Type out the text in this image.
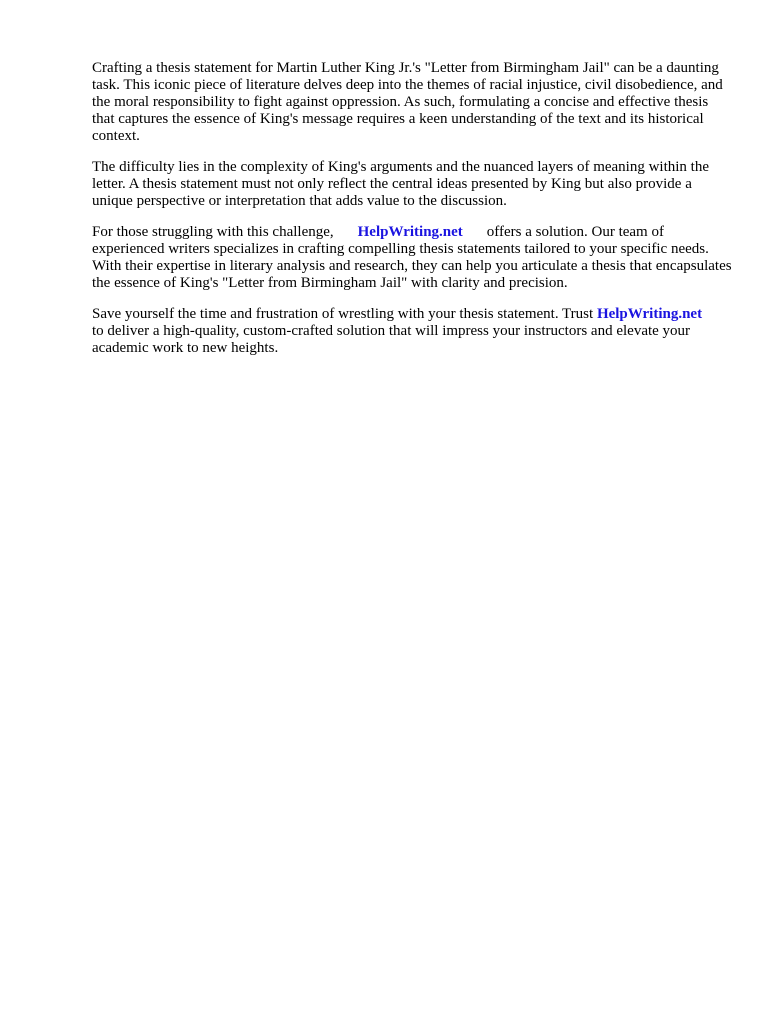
Crafting a thesis statement for Martin Luther King Jr.'s "Letter from Birmingham Jail" can be a daunting task. This iconic piece of literature delves deep into the themes of racial injustice, civil disobedience, and the moral responsibility to fight against oppression. As such, formulating a concise and effective thesis that captures the essence of King's message requires a keen understanding of the text and its historical context.

The difficulty lies in the complexity of King's arguments and the nuanced layers of meaning within the letter. A thesis statement must not only reflect the central ideas presented by King but also provide a unique perspective or interpretation that adds value to the discussion.

For those struggling with this challenge, HelpWriting.net offers a solution. Our team of experienced writers specializes in crafting compelling thesis statements tailored to your specific needs. With their expertise in literary analysis and research, they can help you articulate a thesis that encapsulates the essence of King's "Letter from Birmingham Jail" with clarity and precision.

Save yourself the time and frustration of wrestling with your thesis statement. Trust HelpWriting.netto deliver a high-quality, custom-crafted solution that will impress your instructors and elevate your academic work to new heights.
